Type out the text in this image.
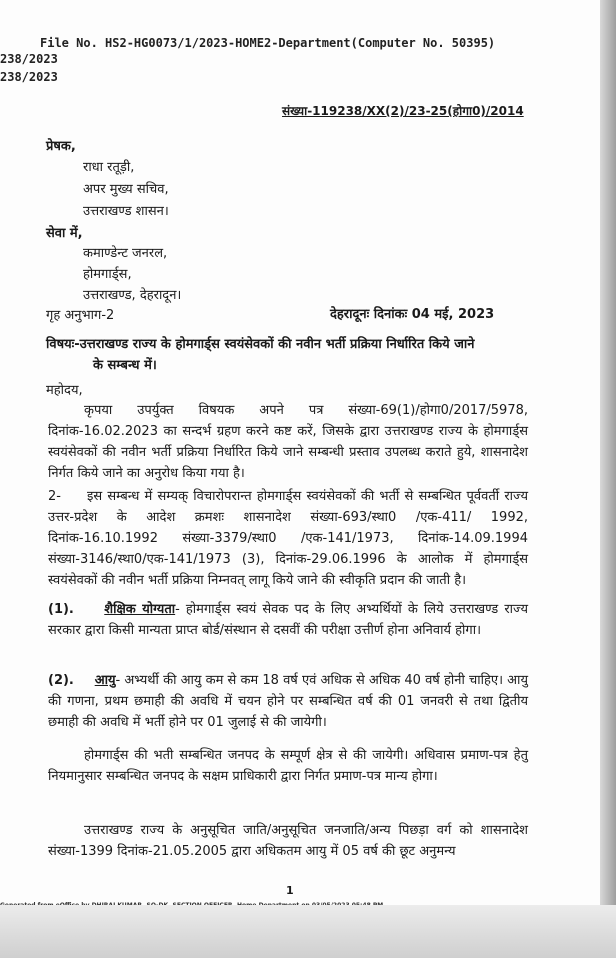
File No. HS2-HG0073/1/2023-HOME2-Department(Computer No. 50395)
238/2023
238/2023
संख्या-119238/XX(2)/23-25(होगा0)/2014
प्रेषक,
राधा रतूड़ी,
अपर मुख्य सचिव,
उत्तराखण्ड शासन।
सेवा में,
कमाण्डेन्ट जनरल,
होमगार्ड्स,
उत्तराखण्ड, देहरादून।
गृह अनुभाग-2	देहरादूनः दिनांकः 04 मई, 2023
विषयः-उत्तराखण्ड राज्य के होमगार्ड्स स्वयंसेवकों की नवीन भर्ती प्रक्रिया निर्धारित किये जाने
के सम्बन्ध में।
महोदय,
कृपया उपर्युक्त विषयक अपने पत्र संख्या-69(1)/होगा0/2017/5978, दिनांक-16.02.2023 का सन्दर्भ ग्रहण करने कष्ट करें, जिसके द्वारा उत्तराखण्ड राज्य के होमगार्ड्स स्वयंसेवकों की नवीन भर्ती प्रक्रिया निर्धारित किये जाने सम्बन्धी प्रस्ताव उपलब्ध कराते हुये, शासनादेश निर्गत किये जाने का अनुरोध किया गया है।
2- इस सम्बन्ध में सम्यक् विचारोपरान्त होमगार्ड्स स्वयंसेवकों की भर्ती से सम्बन्धित पूर्ववर्ती राज्य उत्तर-प्रदेश के आदेश क्रमशः शासनादेश संख्या-693/स्था0 /एक-411/ 1992, दिनांक-16.10.1992 संख्या-3379/स्था0 /एक-141/1973, दिनांक-14.09.1994 संख्या-3146/स्था0/एक-141/1973 (3), दिनांक-29.06.1996 के आलोक में होमगार्ड्स स्वयंसेवकों की नवीन भर्ती प्रक्रिया निम्नवत् लागू किये जाने की स्वीकृति प्रदान की जाती है।
(1). शैक्षिक योग्यता- होमगार्ड्स स्वयं सेवक पद के लिए अभ्यर्थियों के लिये उत्तराखण्ड राज्य सरकार द्वारा किसी मान्यता प्राप्त बोर्ड/संस्थान से दसवीं की परीक्षा उत्तीर्ण होना अनिवार्य होगा।
(2). आयु- अभ्यर्थी की आयु कम से कम 18 वर्ष एवं अधिक से अधिक 40 वर्ष होनी चाहिए। आयु की गणना, प्रथम छमाही की अवधि में चयन होने पर सम्बन्धित वर्ष की 01 जनवरी से तथा द्वितीय छमाही की अवधि में भर्ती होने पर 01 जुलाई से की जायेगी।
होमगार्ड्स की भती सम्बन्धित जनपद के सम्पूर्ण क्षेत्र से की जायेगी। अधिवास प्रमाण-पत्र हेतु नियमानुसार सम्बन्धित जनपद के सक्षम प्राधिकारी द्वारा निर्गत प्रमाण-पत्र मान्य होगा।
उत्तराखण्ड राज्य के अनुसूचित जाति/अनुसूचित जनजाति/अन्य पिछड़ा वर्ग को शासनादेश संख्या-1399 दिनांक-21.05.2005 द्वारा अधिकतम आयु में 05 वर्ष की छूट अनुमन्य
1
